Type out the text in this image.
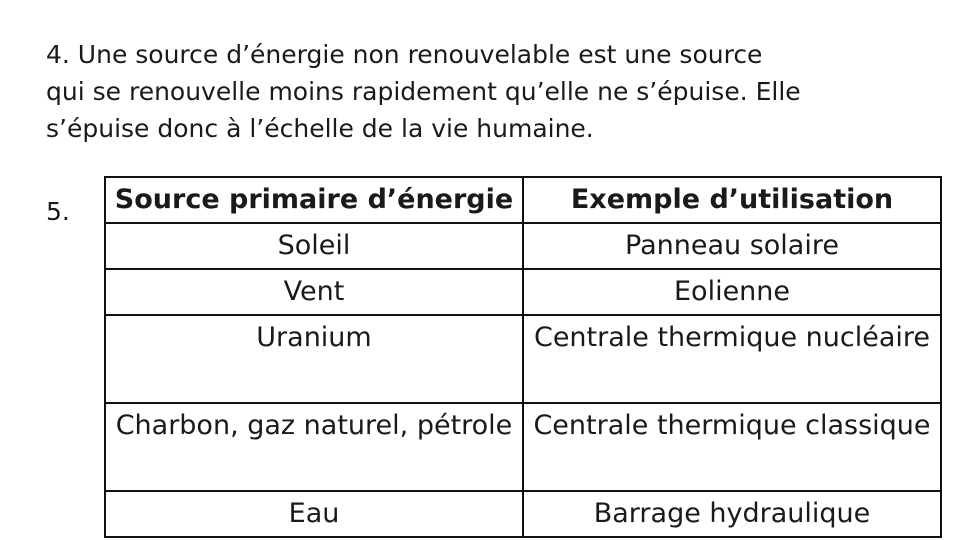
4. Une source d’énergie non renouvelable est une source

qui se renouvelle moins rapidement qu’elle ne s’épuise. Elle

s’épuise donc à l’échelle de la vie humaine.

5. Source primaire d’énergie	Exemple d’utilisation
Soleil	Panneau solaire
Vent	Eolienne
Uranium	Centrale thermique nucléaire
Charbon, gaz naturel, pétrole	Centrale thermique classique
Eau	Barrage hydraulique
